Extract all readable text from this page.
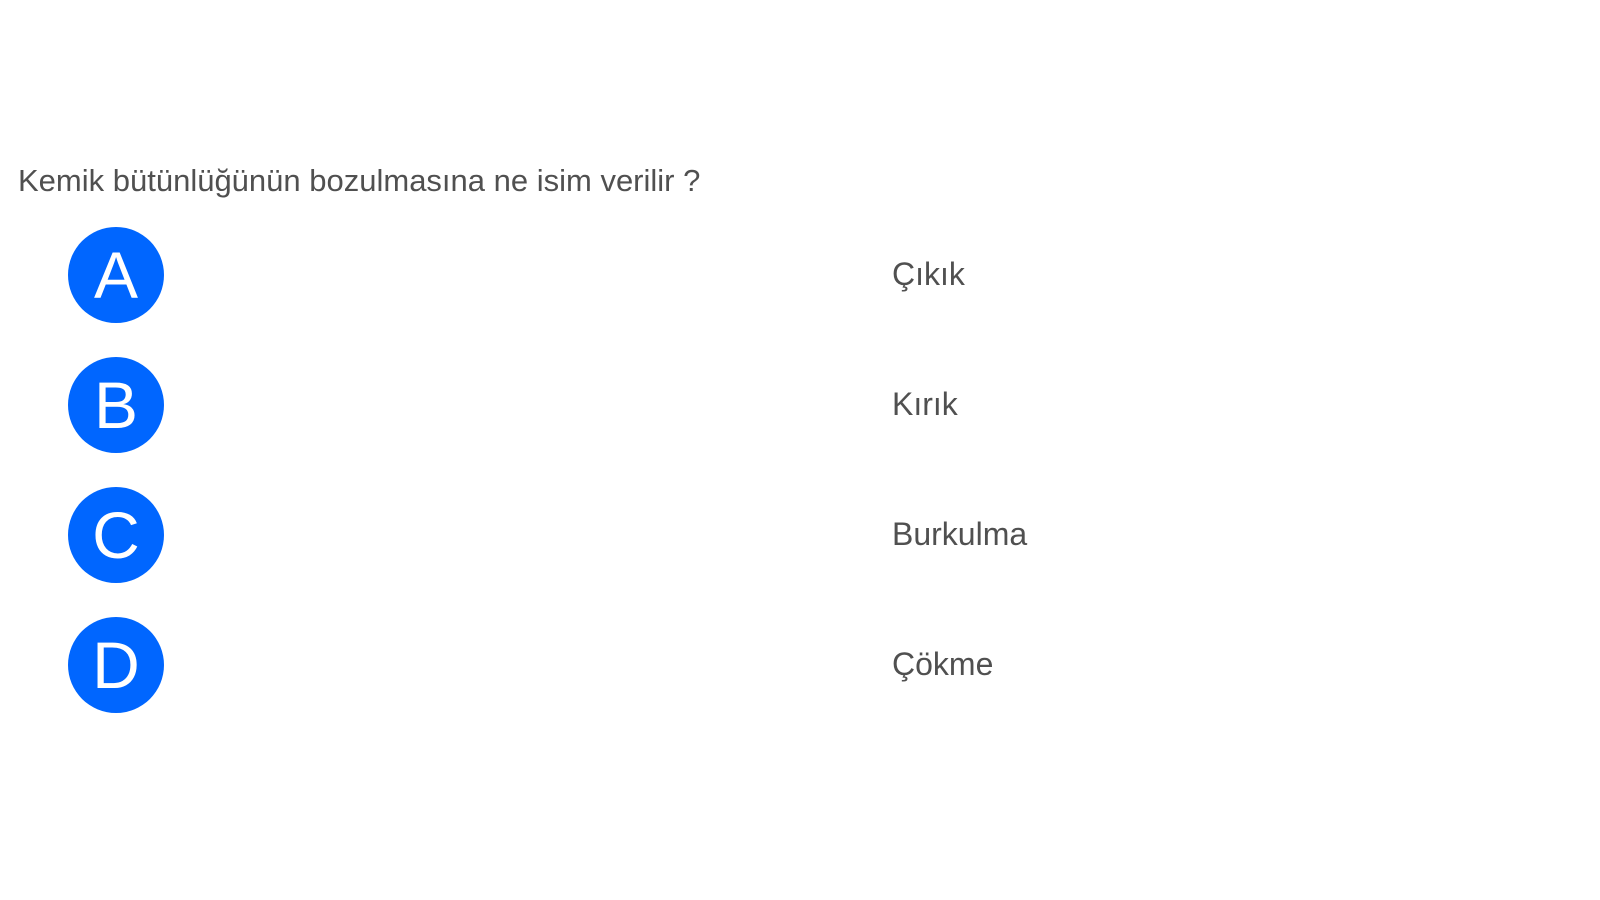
Kemik bütünlüğünün bozulmasına ne isim verilir ?
A	Çıkık
B	Kırık
C	Burkulma
D	Çökme
